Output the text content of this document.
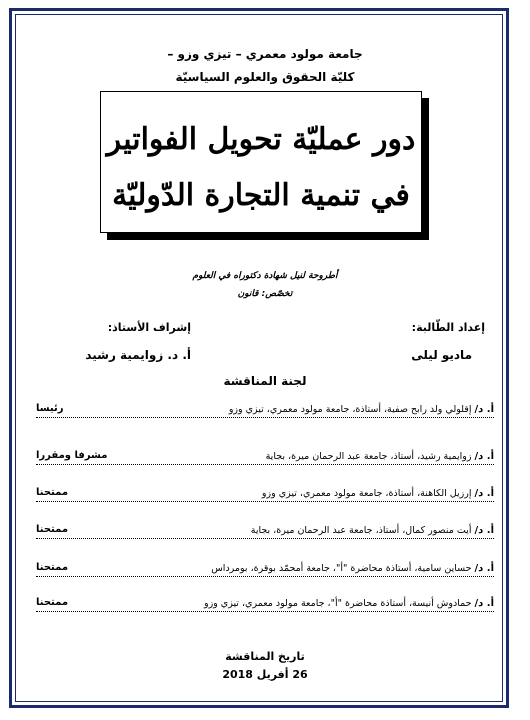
جامعة مولود معمري – تيزي وزو –
كليّة الحقوق والعلوم السياسيّة
دور عمليّة تحويل الفواتير
في تنمية التجارة الدّوليّة
أطروحة لنيل شهادة دكتوراه في العلوم
تخصّص: قانون
إعداد الطّالبة:
إشراف الأستاذ:
ماديو ليلى
أ. د. زوايمية رشيد
لجنة المناقشة
أ. د/ إقلولي ولد رابح صفية، أستاذة، جامعة مولود معمري، تيزي وزو
رئيسا
أ. د/ زوايمية رشيد، أستاذ، جامعة عبد الرحمان ميرة، بجاية
مشرفا ومقررا
أ. د/ إرزيل الكاهنة، أستاذة، جامعة مولود معمري، تيزي وزو
ممتحنا
أ. د/ أيت منصور كمال، أستاذ، جامعة عبد الرحمان ميرة، بجاية
ممتحنا
أ. د/ حساين سامية، أستاذة محاضرة "أ"، جامعة أمحمّد بوقرة، بومرداس
ممتحنا
أ. د/ حمادوش أنيسة، أستاذة محاضرة "أ"، جامعة مولود معمري، تيزي وزو
ممتحنا
تاريخ المناقشة
26 أفريل 2018
